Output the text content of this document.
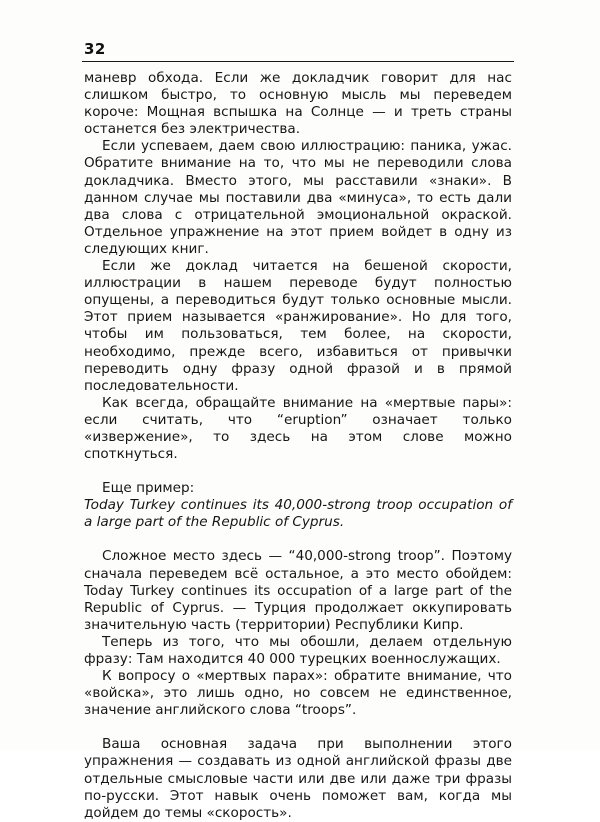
32

маневр обхода. Если же докладчик говорит для нас слишком быстро, то основную мысль мы переведем короче: Мощная вспышка на Солнце — и треть страны останется без электричества.

Если успеваем, даем свою иллюстрацию: паника, ужас. Обратите внимание на то, что мы не переводили слова докладчика. Вместо этого, мы расставили «знаки». В данном случае мы поставили два «минуса», то есть дали два слова с отрицательной эмоциональной окраской. Отдельное упражнение на этот прием войдет в одну из следующих книг.

Если же доклад читается на бешеной скорости, иллюстрации в нашем переводе будут полностью опущены, а переводиться будут только основные мысли. Этот прием называется «ранжирование». Но для того, чтобы им пользоваться, тем более, на скорости, необходимо, прежде всего, избавиться от привычки переводить одну фразу одной фразой и в прямой последовательности.

Как всегда, обращайте внимание на «мертвые пары»: если считать, что “eruption” означает только «извержение», то здесь на этом слове можно споткнуться.

Еще пример:

Today Turkey continues its 40,000-strong troop occupation of a large part of the Republic of Cyprus.

Сложное место здесь — “40,000-strong troop”. Поэтому сначала переведем всё остальное, а это место обойдем: Today Turkey continues its occupation of a large part of the Republic of Cyprus. — Турция продолжает оккупировать значительную часть (территории) Республики Кипр.

Теперь из того, что мы обошли, делаем отдельную фразу: Там находится 40 000 турецких военнослужащих.

К вопросу о «мертвых парах»: обратите внимание, что «войска», это лишь одно, но совсем не единственное, значение английского слова “troops”.

Ваша основная задача при выполнении этого упражнения — создавать из одной английской фразы две отдельные смысловые части или две или даже три фразы по-русски. Этот навык очень поможет вам, когда мы дойдем до темы «скорость».
